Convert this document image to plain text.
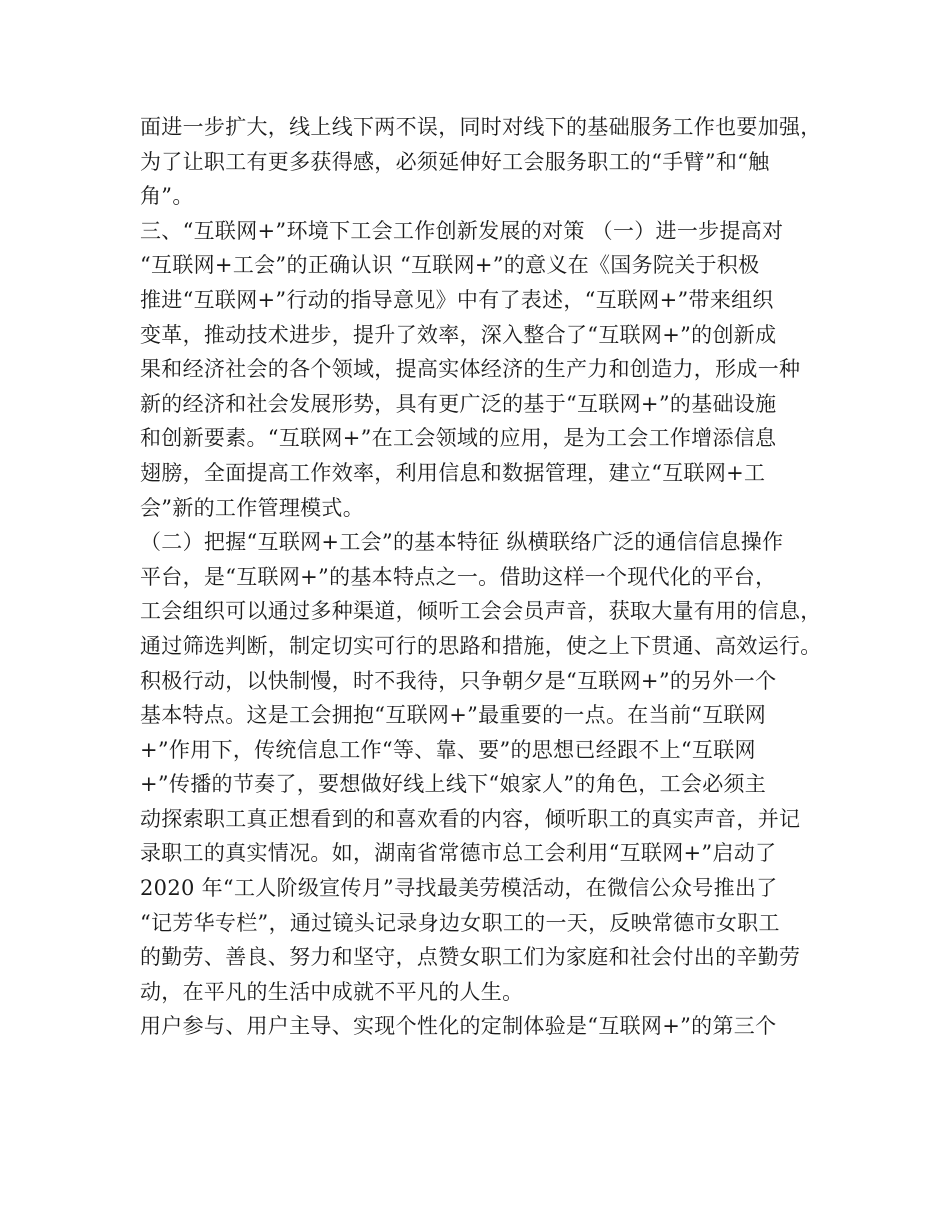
面进一步扩大，线上线下两不误，同时对线下的基础服务工作也要加强，
为了让职工有更多获得感，必须延伸好工会服务职工的“手臂”和“触
角”。
三、“互联网+”环境下工会工作创新发展的对策 （一）进一步提高对
“互联网+工会”的正确认识 “互联网+”的意义在《国务院关于积极
推进“互联网+”行动的指导意见》中有了表述，“互联网+”带来组织
变革，推动技术进步，提升了效率，深入整合了“互联网+”的创新成
果和经济社会的各个领域，提高实体经济的生产力和创造力，形成一种
新的经济和社会发展形势，具有更广泛的基于“互联网+”的基础设施
和创新要素。“互联网+”在工会领域的应用，是为工会工作增添信息
翅膀，全面提高工作效率，利用信息和数据管理，建立“互联网+工
会”新的工作管理模式。
（二）把握“互联网+工会”的基本特征 纵横联络广泛的通信信息操作
平台，是“互联网+”的基本特点之一。借助这样一个现代化的平台，
工会组织可以通过多种渠道，倾听工会会员声音，获取大量有用的信息，
通过筛选判断，制定切实可行的思路和措施，使之上下贯通、高效运行。
积极行动，以快制慢，时不我待，只争朝夕是“互联网+”的另外一个
基本特点。这是工会拥抱“互联网+”最重要的一点。在当前“互联网
+”作用下，传统信息工作“等、靠、要”的思想已经跟不上“互联网
+”传播的节奏了，要想做好线上线下“娘家人”的角色，工会必须主
动探索职工真正想看到的和喜欢看的内容，倾听职工的真实声音，并记
录职工的真实情况。如，湖南省常德市总工会利用“互联网+”启动了
2020 年“工人阶级宣传月”寻找最美劳模活动，在微信公众号推出了
“记芳华专栏”，通过镜头记录身边女职工的一天，反映常德市女职工
的勤劳、善良、努力和坚守，点赞女职工们为家庭和社会付出的辛勤劳
动，在平凡的生活中成就不平凡的人生。
用户参与、用户主导、实现个性化的定制体验是“互联网+”的第三个
